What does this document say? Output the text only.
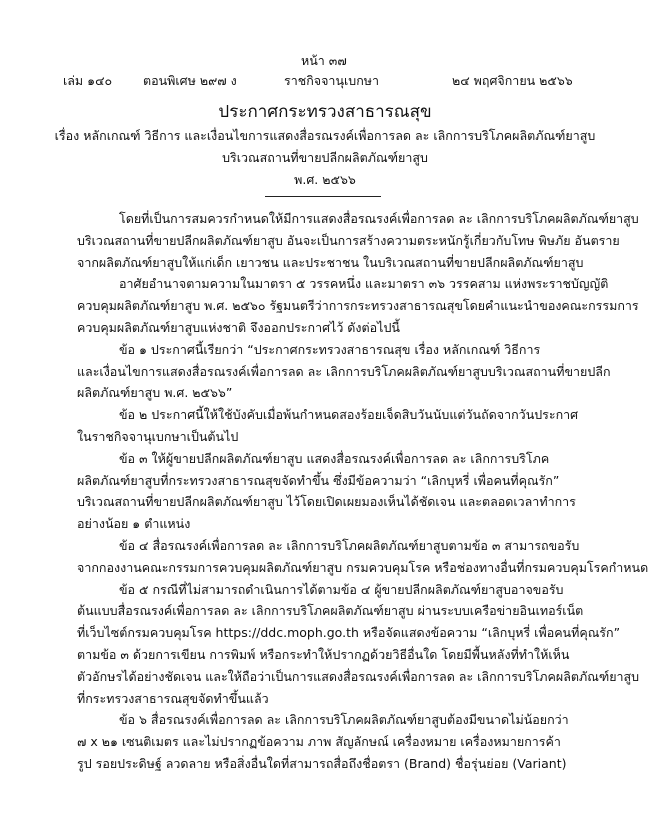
หน้า ๓๗
เล่ม ๑๔๐ ตอนพิเศษ ๒๙๗ ง	ราชกิจจานุเบกษา	๒๔ พฤศจิกายน ๒๕๖๖
ประกาศกระทรวงสาธารณสุข
เรื่อง หลักเกณฑ์ วิธีการ และเงื่อนไขการแสดงสื่อรณรงค์เพื่อการลด ละ เลิกการบริโภคผลิตภัณฑ์ยาสูบ
บริเวณสถานที่ขายปลีกผลิตภัณฑ์ยาสูบ
พ.ศ. ๒๕๖๖
โดยที่เป็นการสมควรกำหนดให้มีการแสดงสื่อรณรงค์เพื่อการลด ละ เลิกการบริโภคผลิตภัณฑ์ยาสูบ
บริเวณสถานที่ขายปลีกผลิตภัณฑ์ยาสูบ อันจะเป็นการสร้างความตระหนักรู้เกี่ยวกับโทษ พิษภัย อันตราย
จากผลิตภัณฑ์ยาสูบให้แก่เด็ก เยาวชน และประชาชน ในบริเวณสถานที่ขายปลีกผลิตภัณฑ์ยาสูบ
อาศัยอำนาจตามความในมาตรา ๕ วรรคหนึ่ง และมาตรา ๓๖ วรรคสาม แห่งพระราชบัญญัติ
ควบคุมผลิตภัณฑ์ยาสูบ พ.ศ. ๒๕๖๐ รัฐมนตรีว่าการกระทรวงสาธารณสุขโดยคำแนะนำของคณะกรรมการ
ควบคุมผลิตภัณฑ์ยาสูบแห่งชาติ จึงออกประกาศไว้ ดังต่อไปนี้
ข้อ ๑ ประกาศนี้เรียกว่า “ประกาศกระทรวงสาธารณสุข เรื่อง หลักเกณฑ์ วิธีการ
และเงื่อนไขการแสดงสื่อรณรงค์เพื่อการลด ละ เลิกการบริโภคผลิตภัณฑ์ยาสูบบริเวณสถานที่ขายปลีก
ผลิตภัณฑ์ยาสูบ พ.ศ. ๒๕๖๖”
ข้อ ๒ ประกาศนี้ให้ใช้บังคับเมื่อพ้นกำหนดสองร้อยเจ็ดสิบวันนับแต่วันถัดจากวันประกาศ
ในราชกิจจานุเบกษาเป็นต้นไป
ข้อ ๓ ให้ผู้ขายปลีกผลิตภัณฑ์ยาสูบ แสดงสื่อรณรงค์เพื่อการลด ละ เลิกการบริโภค
ผลิตภัณฑ์ยาสูบที่กระทรวงสาธารณสุขจัดทำขึ้น ซึ่งมีข้อความว่า “เลิกบุหรี่ เพื่อคนที่คุณรัก”
บริเวณสถานที่ขายปลีกผลิตภัณฑ์ยาสูบ ไว้โดยเปิดเผยมองเห็นได้ชัดเจน และตลอดเวลาทำการ
อย่างน้อย ๑ ตำแหน่ง
ข้อ ๔ สื่อรณรงค์เพื่อการลด ละ เลิกการบริโภคผลิตภัณฑ์ยาสูบตามข้อ ๓ สามารถขอรับ
จากกองงานคณะกรรมการควบคุมผลิตภัณฑ์ยาสูบ กรมควบคุมโรค หรือช่องทางอื่นที่กรมควบคุมโรคกำหนด
ข้อ ๕ กรณีที่ไม่สามารถดำเนินการได้ตามข้อ ๔ ผู้ขายปลีกผลิตภัณฑ์ยาสูบอาจขอรับ
ต้นแบบสื่อรณรงค์เพื่อการลด ละ เลิกการบริโภคผลิตภัณฑ์ยาสูบ ผ่านระบบเครือข่ายอินเทอร์เน็ต
ที่เว็บไซต์กรมควบคุมโรค https://ddc.moph.go.th หรือจัดแสดงข้อความ “เลิกบุหรี่ เพื่อคนที่คุณรัก”
ตามข้อ ๓ ด้วยการเขียน การพิมพ์ หรือกระทำให้ปรากฏด้วยวิธีอื่นใด โดยมีพื้นหลังที่ทำให้เห็น
ตัวอักษรได้อย่างชัดเจน และให้ถือว่าเป็นการแสดงสื่อรณรงค์เพื่อการลด ละ เลิกการบริโภคผลิตภัณฑ์ยาสูบ
ที่กระทรวงสาธารณสุขจัดทำขึ้นแล้ว
ข้อ ๖ สื่อรณรงค์เพื่อการลด ละ เลิกการบริโภคผลิตภัณฑ์ยาสูบต้องมีขนาดไม่น้อยกว่า
๗ x ๒๑ เซนติเมตร และไม่ปรากฏข้อความ ภาพ สัญลักษณ์ เครื่องหมาย เครื่องหมายการค้า
รูป รอยประดิษฐ์ ลวดลาย หรือสิ่งอื่นใดที่สามารถสื่อถึงชื่อตรา (Brand) ชื่อรุ่นย่อย (Variant)
